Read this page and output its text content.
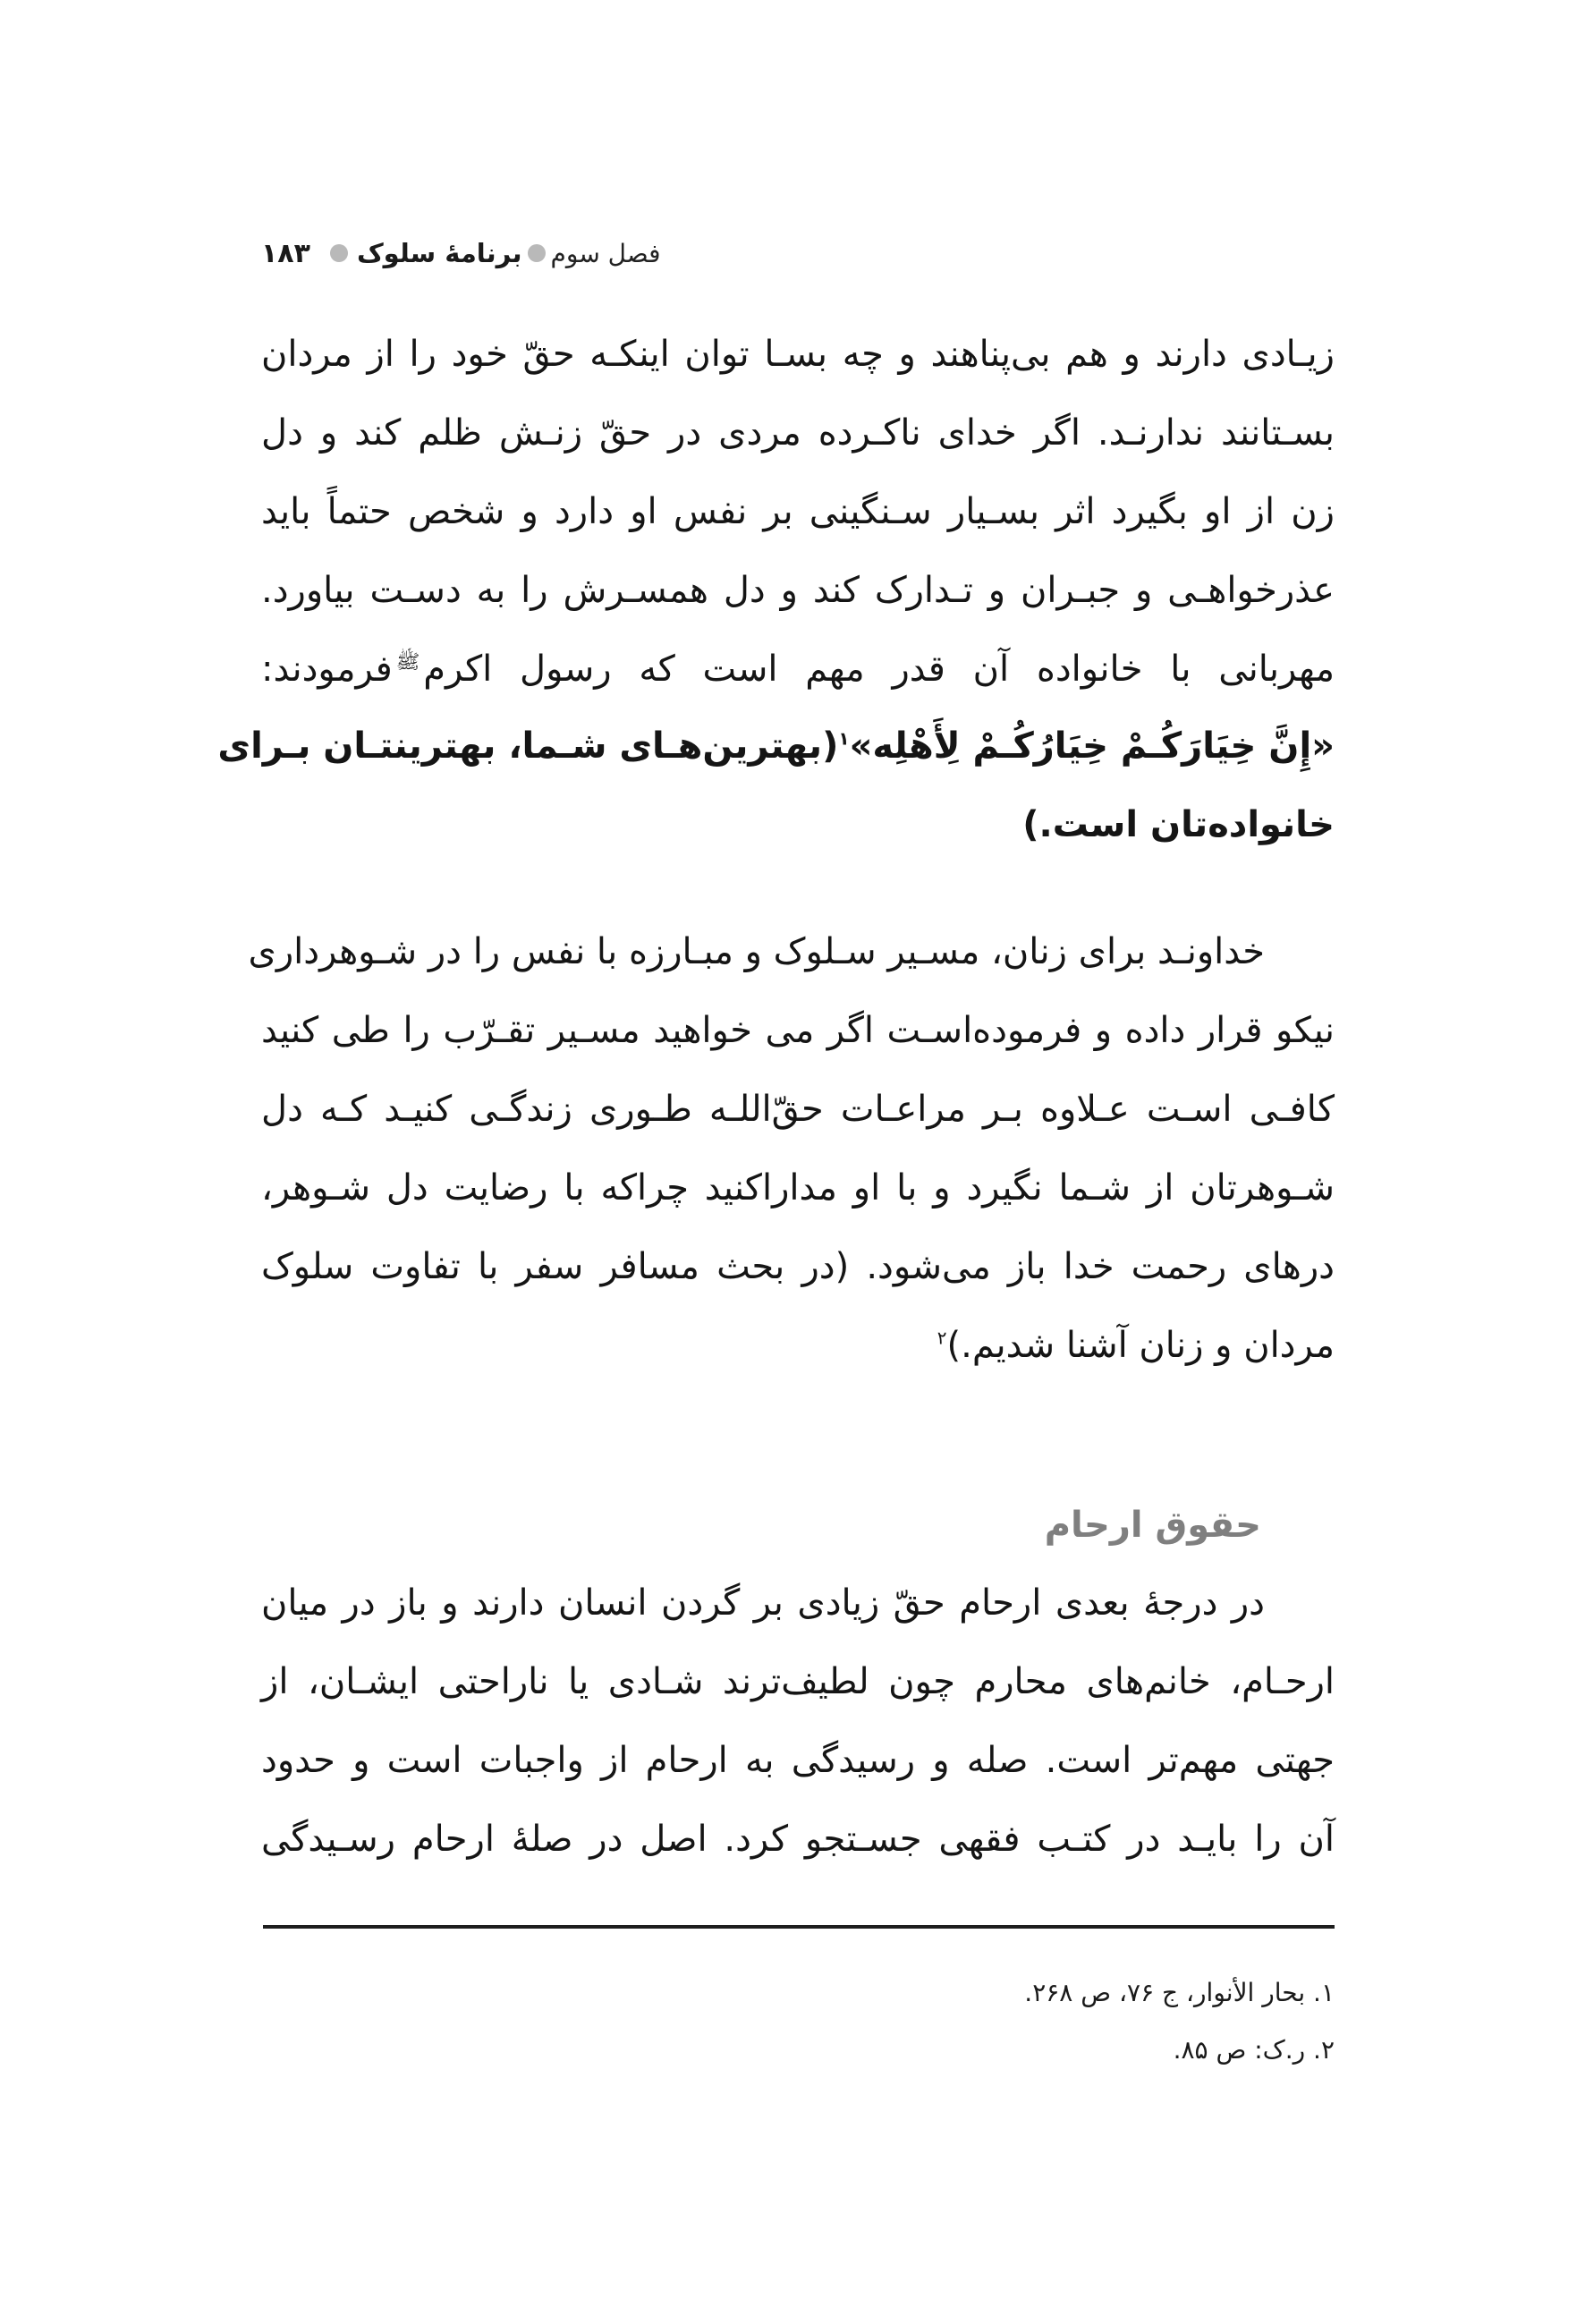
۱۸۳ برنامهٔ سلوک فصل سوم
زیـادی دارند و هم بی‌پناهند و چه بسـا توان اینکـه حقّ خود را از مردان
بسـتانند ندارنـد. اگر خدای ناکـرده مردی در حقّ زنـش ظلم کند و دل
زن از او بگیرد اثر بسـیار سـنگینی بر نفس او دارد و شخص حتماً باید
عذرخواهـی و جبـران و تـدارک کند و دل همسـرش را به دسـت بیاورد.
مهربانی با خانواده آن قدر مهم است که رسول اکرم$^ﷺ$فرمودند:
«إِنَّ خِیَارَکُـمْ خِیَارُکُـمْ لِأَهْلِه»$^۱$(بهترین‌هـای شـما، بهترینتـان بـرای
خانواده‌تان است.)
خداونـد برای زنان، مسـیر سـلوک و مبـارزه با نفس را در شـوهرداری
نیکو قرار داده و فرموده‌اسـت اگر می خواهید مسـیر تقـرّب را طی کنید
کافـی اسـت عـلاوه بـر مراعـات حقّ‌اللـه طـوری زندگـی کنیـد کـه دل
شـوهرتان از شـما نگیرد و با او مداراکنید چراکه با رضایت دل شـوهر،
درهای رحمت خدا باز می‌شود. (در بحث مسافر سفر با تفاوت سلوک
مردان و زنان آشنا شدیم.)$^۲$
حقوق ارحام
در درجهٔ بعدی ارحام حقّ زیادی بر گردن انسان دارند و باز در میان
ارحـام، خانم‌های محارم چون لطیف‌ترند شـادی یا ناراحتی ایشـان، از
جهتی مهم‌تر است. صله و رسیدگی به ارحام از واجبات است و حدود
آن را بایـد در کتـب فقهی جسـتجو کرد. اصل در صلهٔ ارحام رسـیدگی
۱. بحار الأنوار، ج ۷۶، ص ۲۶۸.
۲. ر.ک: ص ۸۵.
